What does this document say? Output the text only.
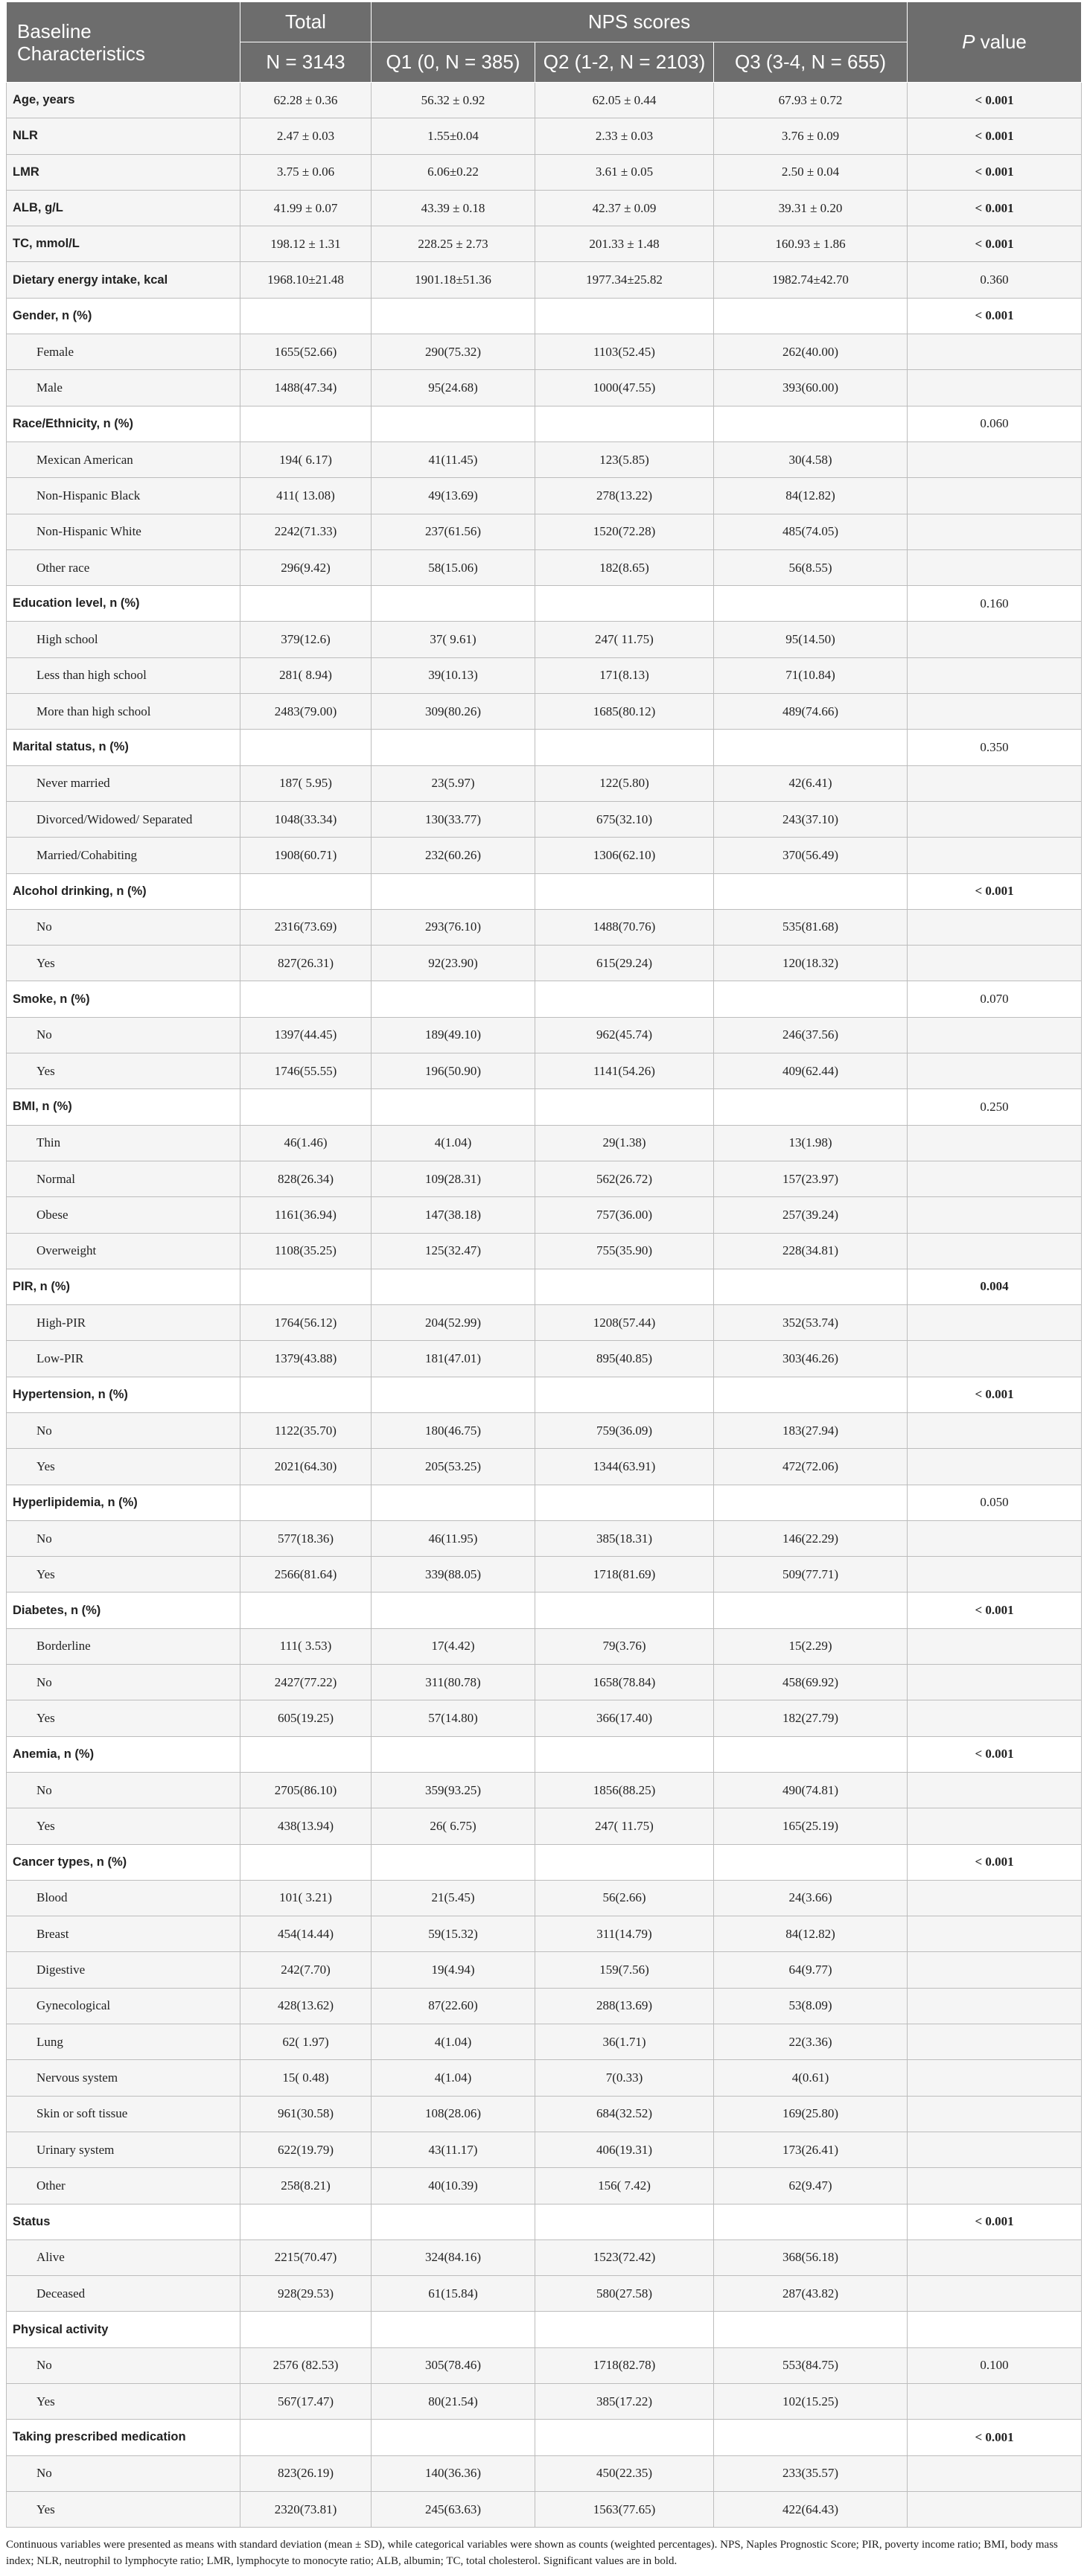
Baseline
Characteristics	Total	NPS scores			P value
	N = 3143	Q1 (0, N = 385)	Q2 (1-2, N = 2103)	Q3 (3-4, N = 655)	
Age, years	62.28 ± 0.36	56.32 ± 0.92	62.05 ± 0.44	67.93 ± 0.72	< 0.001
NLR	2.47 ± 0.03	1.55±0.04	2.33 ± 0.03	3.76 ± 0.09	< 0.001
LMR	3.75 ± 0.06	6.06±0.22	3.61 ± 0.05	2.50 ± 0.04	< 0.001
ALB, g/L	41.99 ± 0.07	43.39 ± 0.18	42.37 ± 0.09	39.31 ± 0.20	< 0.001
TC, mmol/L	198.12 ± 1.31	228.25 ± 2.73	201.33 ± 1.48	160.93 ± 1.86	< 0.001
Dietary energy intake, kcal	1968.10±21.48	1901.18±51.36	1977.34±25.82	1982.74±42.70	0.360
Gender, n (%)					< 0.001
Female	1655(52.66)	290(75.32)	1103(52.45)	262(40.00)	
Male	1488(47.34)	95(24.68)	1000(47.55)	393(60.00)	
Race/Ethnicity, n (%)					0.060
Mexican American	194( 6.17)	41(11.45)	123(5.85)	30(4.58)	
Non-Hispanic Black	411( 13.08)	49(13.69)	278(13.22)	84(12.82)	
Non-Hispanic White	2242(71.33)	237(61.56)	1520(72.28)	485(74.05)	
Other race	296(9.42)	58(15.06)	182(8.65)	56(8.55)	
Education level, n (%)					0.160
High school	379(12.6)	37( 9.61)	247( 11.75)	95(14.50)	
Less than high school	281( 8.94)	39(10.13)	171(8.13)	71(10.84)	
More than high school	2483(79.00)	309(80.26)	1685(80.12)	489(74.66)	
Marital status, n (%)					0.350
Never married	187( 5.95)	23(5.97)	122(5.80)	42(6.41)	
Divorced/Widowed/ Separated	1048(33.34)	130(33.77)	675(32.10)	243(37.10)	
Married/Cohabiting	1908(60.71)	232(60.26)	1306(62.10)	370(56.49)	
Alcohol drinking, n (%)					< 0.001
No	2316(73.69)	293(76.10)	1488(70.76)	535(81.68)	
Yes	827(26.31)	92(23.90)	615(29.24)	120(18.32)	
Smoke, n (%)					0.070
No	1397(44.45)	189(49.10)	962(45.74)	246(37.56)	
Yes	1746(55.55)	196(50.90)	1141(54.26)	409(62.44)	
BMI, n (%)					0.250
Thin	46(1.46)	4(1.04)	29(1.38)	13(1.98)	
Normal	828(26.34)	109(28.31)	562(26.72)	157(23.97)	
Obese	1161(36.94)	147(38.18)	757(36.00)	257(39.24)	
Overweight	1108(35.25)	125(32.47)	755(35.90)	228(34.81)	
PIR, n (%)					0.004
High-PIR	1764(56.12)	204(52.99)	1208(57.44)	352(53.74)	
Low-PIR	1379(43.88)	181(47.01)	895(40.85)	303(46.26)	
Hypertension, n (%)					< 0.001
No	1122(35.70)	180(46.75)	759(36.09)	183(27.94)	
Yes	2021(64.30)	205(53.25)	1344(63.91)	472(72.06)	
Hyperlipidemia, n (%)					0.050
No	577(18.36)	46(11.95)	385(18.31)	146(22.29)	
Yes	2566(81.64)	339(88.05)	1718(81.69)	509(77.71)	
Diabetes, n (%)					< 0.001
Borderline	111( 3.53)	17(4.42)	79(3.76)	15(2.29)	
No	2427(77.22)	311(80.78)	1658(78.84)	458(69.92)	
Yes	605(19.25)	57(14.80)	366(17.40)	182(27.79)	
Anemia, n (%)					< 0.001
No	2705(86.10)	359(93.25)	1856(88.25)	490(74.81)	
Yes	438(13.94)	26( 6.75)	247( 11.75)	165(25.19)	
Cancer types, n (%)					< 0.001
Blood	101( 3.21)	21(5.45)	56(2.66)	24(3.66)	
Breast	454(14.44)	59(15.32)	311(14.79)	84(12.82)	
Digestive	242(7.70)	19(4.94)	159(7.56)	64(9.77)	
Gynecological	428(13.62)	87(22.60)	288(13.69)	53(8.09)	
Lung	62( 1.97)	4(1.04)	36(1.71)	22(3.36)	
Nervous system	15( 0.48)	4(1.04)	7(0.33)	4(0.61)	
Skin or soft tissue	961(30.58)	108(28.06)	684(32.52)	169(25.80)	
Urinary system	622(19.79)	43(11.17)	406(19.31)	173(26.41)	
Other	258(8.21)	40(10.39)	156( 7.42)	62(9.47)	
Status					< 0.001
Alive	2215(70.47)	324(84.16)	1523(72.42)	368(56.18)	
Deceased	928(29.53)	61(15.84)	580(27.58)	287(43.82)	
Physical activity					
No	2576 (82.53)	305(78.46)	1718(82.78)	553(84.75)	0.100
Yes	567(17.47)	80(21.54)	385(17.22)	102(15.25)	
Taking prescribed medication					< 0.001
No	823(26.19)	140(36.36)	450(22.35)	233(35.57)	
Yes	2320(73.81)	245(63.63)	1563(77.65)	422(64.43)	

Continuous variables were presented as means with standard deviation (mean ± SD), while categorical variables were shown as counts (weighted percentages). NPS, Naples Prognostic Score; PIR, poverty income ratio; BMI, body mass index; NLR, neutrophil to lymphocyte ratio; LMR, lymphocyte to monocyte ratio; ALB, albumin; TC, total cholesterol. Significant values are in bold.
